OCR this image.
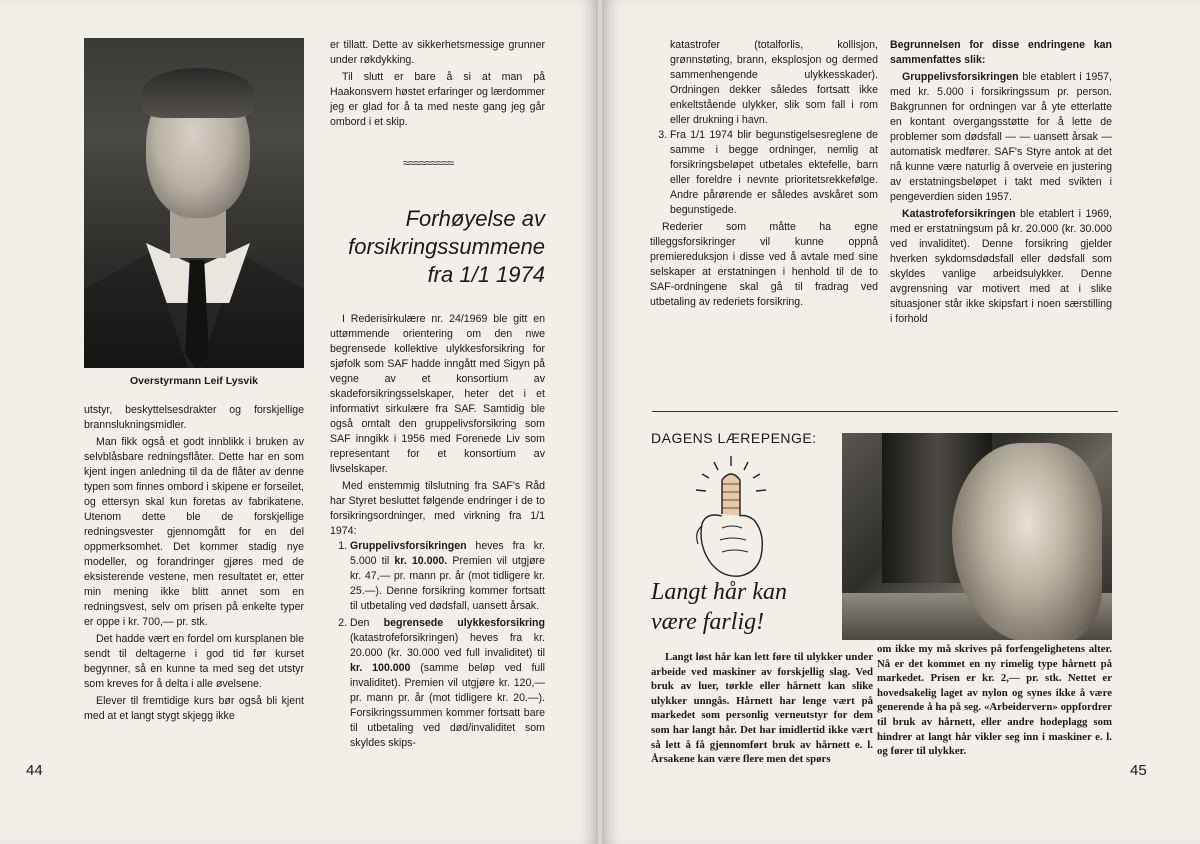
Overstyrmann Leif Lysvik

utstyr, beskyttelsesdrakter og forskjellige brannslukningsmidler.

Man fikk også et godt innblikk i bruken av selvblåsbare redningsflåter. Dette har en som kjent ingen anledning til da de flåter av denne typen som finnes ombord i skipene er forseilet, og ettersyn skal kun foretas av fabrikatene. Utenom dette ble de forskjellige redningsvester gjennomgått for en del oppmerksomhet. Det kommer stadig nye modeller, og forandringer gjøres med de eksisterende vestene, men resultatet er, etter min mening ikke blitt annet som en redningsvest, selv om prisen på enkelte typer er oppe i kr. 700,— pr. stk.

Det hadde vært en fordel om kursplanen ble sendt til deltagerne i god tid før kurset begynner, så en kunne ta med seg det utstyr som kreves for å delta i alle øvelsene.

Elever til fremtidige kurs bør også bli kjent med at et langt stygt skjegg ikke

44

er tillatt. Dette av sikkerhetsmessige grunner under røkdykking.

Til slutt er bare å si at man på Haakonsvern høstet erfaringer og lærdommer jeg er glad for å ta med neste gang jeg går ombord i et skip.

≈≈≈≈≈≈≈≈≈
Forhøyelse av
forsikringssummene
fra 1/1 1974

I Rederisirkulære nr. 24/1969 ble gitt en uttømmende orientering om den nwe begrensede kollektive ulykkesforsikring for sjøfolk som SAF hadde inngått med Sigyn på vegne av et konsortium av skadeforsikringsselskaper, heter det i et informativt sirkulære fra SAF. Samtidig ble også omtalt den gruppelivsforsikring som SAF inngikk i 1956 med Forenede Liv som representant for et konsortium av livselskaper.

Med enstemmig tilslutning fra SAF's Råd har Styret besluttet følgende endringer i de to forsikringsordninger, med virkning fra 1/1 1974:

1. Gruppelivsforsikringen heves fra kr. 5.000 til kr. 10.000. Premien vil utgjøre kr. 47,— pr. mann pr. år (mot tidligere kr. 25.—). Denne forsikring kommer fortsatt til utbetaling ved dødsfall, uansett årsak.
2. Den begrensede ulykkesforsikring (katastrofeforsikringen) heves fra kr. 20.000 (kr. 30.000 ved full invaliditet) til kr. 100.000 (samme beløp ved full invaliditet). Premien vil utgjøre kr. 120,— pr. mann pr. år (mot tidligere kr. 20.—). Forsikringssummen kommer fortsatt bare til utbetaling ved død/invaliditet som skyldes skips-

katastrofer (totalforlis, kollisjon, grønnstøting, brann, eksplosjon og dermed sammenhengende ulykkesskader). Ordningen dekker således fortsatt ikke enkeltstående ulykker, slik som fall i rom eller drukning i havn.

3. Fra 1/1 1974 blir begunstigelsesreglene de samme i begge ordninger, nemlig at forsikringsbeløpet utbetales ektefelle, barn eller foreldre i nevnte prioritetsrekkefølge. Andre pårørende er således avskåret som begunstigede.

Rederier som måtte ha egne tilleggsforsikringer vil kunne oppnå premiereduksjon i disse ved å avtale med sine selskaper at erstatningen i henhold til de to SAF-ordningene skal gå til fradrag ved utbetaling av rederiets forsikring.

Begrunnelsen for disse endringene kan sammenfattes slik:

Gruppelivsforsikringen ble etablert i 1957, med kr. 5.000 i forsikringssum pr. person. Bakgrunnen for ordningen var å yte etterlatte en kontant overgangsstøtte for å lette de problemer som dødsfall — — uansett årsak — automatisk medfører. SAF's Styre antok at det nå kunne være naturlig å overveie en justering av erstatningsbeløpet i takt med svikten i pengeverdien siden 1957.

Katastrofeforsikringen ble etablert i 1969, med er erstatningsum på kr. 20.000 (kr. 30.000 ved invaliditet). Denne forsikring gjelder hverken sykdomsdødsfall eller dødsfall som skyldes vanlige arbeidsulykker. Denne avgrensning var motivert med at i slike situasjoner står ikke skipsfart i noen særstilling i forhold

DAGENS LÆREPENGE:
Langt hår kan
være farlig!

Langt løst hår kan lett føre til ulykker under arbeide ved maskiner av forskjellig slag. Ved bruk av luer, tørkle eller hårnett kan slike ulykker unngås. Hårnett har lenge vært på markedet som personlig verneutstyr for dem som har langt hår. Det har imidlertid ikke vært så lett å få gjennomført bruk av hårnett e. l. Årsakene kan være flere men det spørs

om ikke my må skrives på forfengelighetens alter. Nå er det kommet en ny rimelig type hårnett på markedet. Prisen er kr. 2,— pr. stk. Nettet er hovedsakelig laget av nylon og synes ikke å være generende å ha på seg. «Arbeidervern» oppfordrer til bruk av hårnett, eller andre hodeplagg som hindrer at langt hår vikler seg inn i maskiner e. l. og fører til ulykker.

45
